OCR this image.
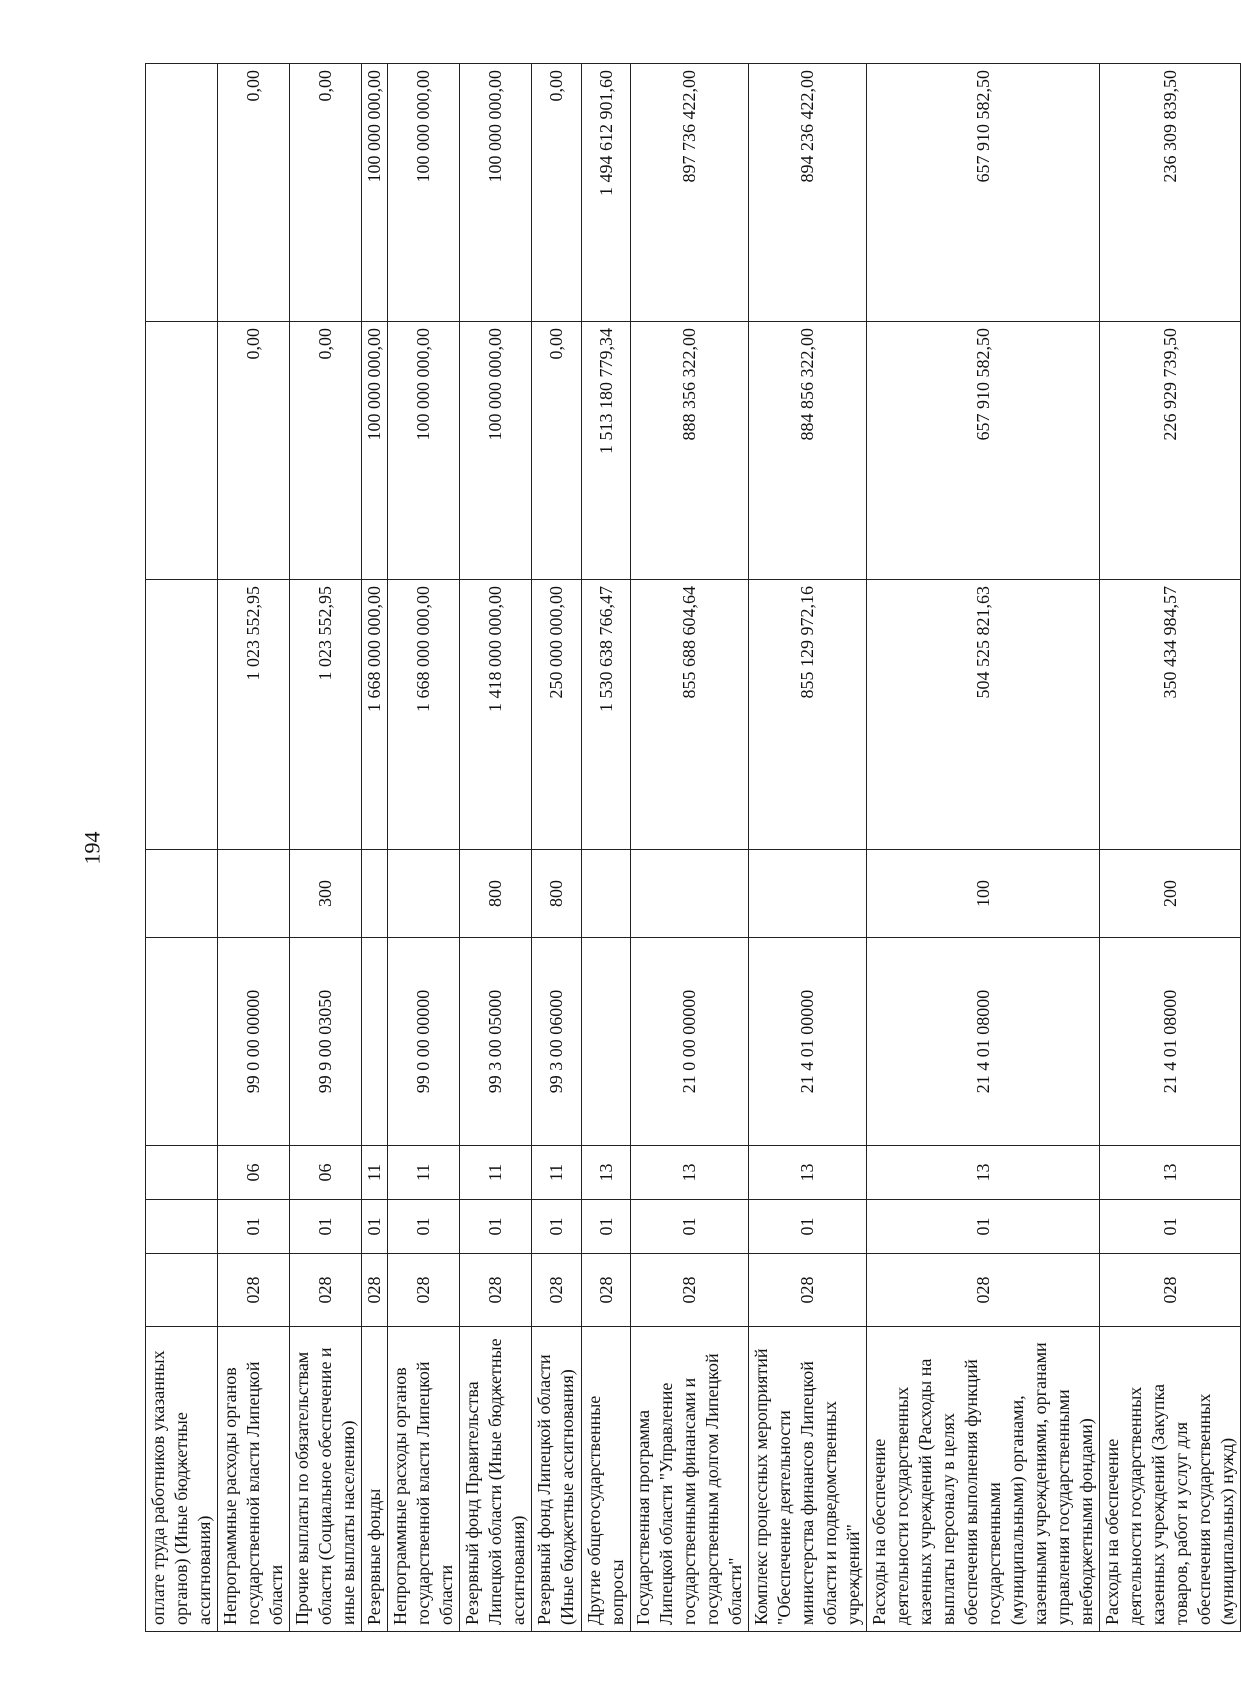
194
оплате труда работников указанных органов) (Иные бюджетные ассигнования)								
Непрограммные расходы органов государственной власти Липецкой области	028	01	06	99 0 00 00000		1 023 552,95	0,00	0,00
Прочие выплаты по обязательствам области (Социальное обеспечение и иные выплаты населению)	028	01	06	99 9 00 03050	300	1 023 552,95	0,00	0,00
Резервные фонды	028	01	11			1 668 000 000,00	100 000 000,00	100 000 000,00
Непрограммные расходы органов государственной власти Липецкой области	028	01	11	99 0 00 00000		1 668 000 000,00	100 000 000,00	100 000 000,00
Резервный фонд Правительства Липецкой области (Иные бюджетные ассигнования)	028	01	11	99 3 00 05000	800	1 418 000 000,00	100 000 000,00	100 000 000,00
Резервный фонд Липецкой области (Иные бюджетные ассигнования)	028	01	11	99 3 00 06000	800	250 000 000,00	0,00	0,00
Другие общегосударственные вопросы	028	01	13			1 530 638 766,47	1 513 180 779,34	1 494 612 901,60
Государственная программа Липецкой области "Управление государственными финансами и государственным долгом Липецкой области"	028	01	13	21 0 00 00000		855 688 604,64	888 356 322,00	897 736 422,00
Комплекс процессных мероприятий "Обеспечение деятельности министерства финансов Липецкой области и подведомственных учреждений"	028	01	13	21 4 01 00000		855 129 972,16	884 856 322,00	894 236 422,00
Расходы на обеспечение деятельности государственных казенных учреждений (Расходы на выплаты персоналу в целях обеспечения выполнения функций государственными (муниципальными) органами, казенными учреждениями, органами управления государственными внебюджетными фондами)	028	01	13	21 4 01 08000	100	504 525 821,63	657 910 582,50	657 910 582,50
Расходы на обеспечение деятельности государственных казенных учреждений (Закупка товаров, работ и услуг для обеспечения государственных (муниципальных) нужд)	028	01	13	21 4 01 08000	200	350 434 984,57	226 929 739,50	236 309 839,50
